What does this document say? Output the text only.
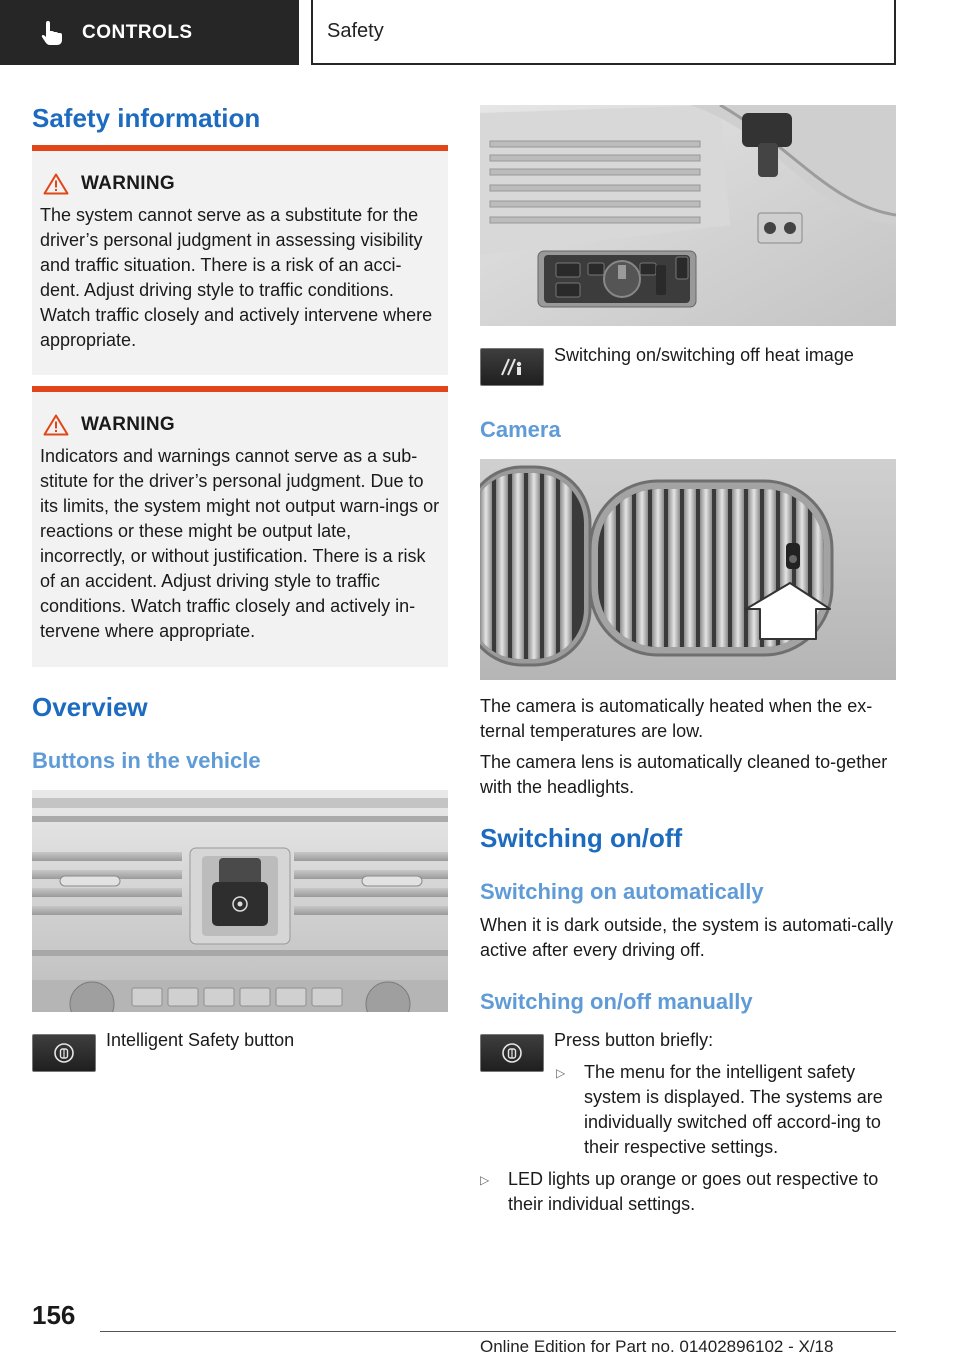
CONTROLS	Safety
Safety information
WARNING
The system cannot serve as a substitute for the driver’s personal judgment in assessing visibility and traffic situation. There is a risk of an acci-dent. Adjust driving style to traffic conditions. Watch traffic closely and actively intervene where appropriate.
WARNING
Indicators and warnings cannot serve as a sub-stitute for the driver’s personal judgment. Due to its limits, the system might not output warn-ings or reactions or these might be output late, incorrectly, or without justification. There is a risk of an accident. Adjust driving style to traffic conditions. Watch traffic closely and actively in-tervene where appropriate.
Overview
Buttons in the vehicle
Intelligent Safety button
Switching on/switching off heat image
Camera
The camera is automatically heated when the ex-ternal temperatures are low.
The camera lens is automatically cleaned to-gether with the headlights.
Switching on/off
Switching on automatically
When it is dark outside, the system is automati-cally active after every driving off.
Switching on/off manually
Press button briefly:
▷	The menu for the intelligent safety system is displayed. The systems are individually switched off accord-ing to their respective settings.
▷	LED lights up orange or goes out respective to their individual settings.
156
Online Edition for Part no. 01402896102 - X/18
